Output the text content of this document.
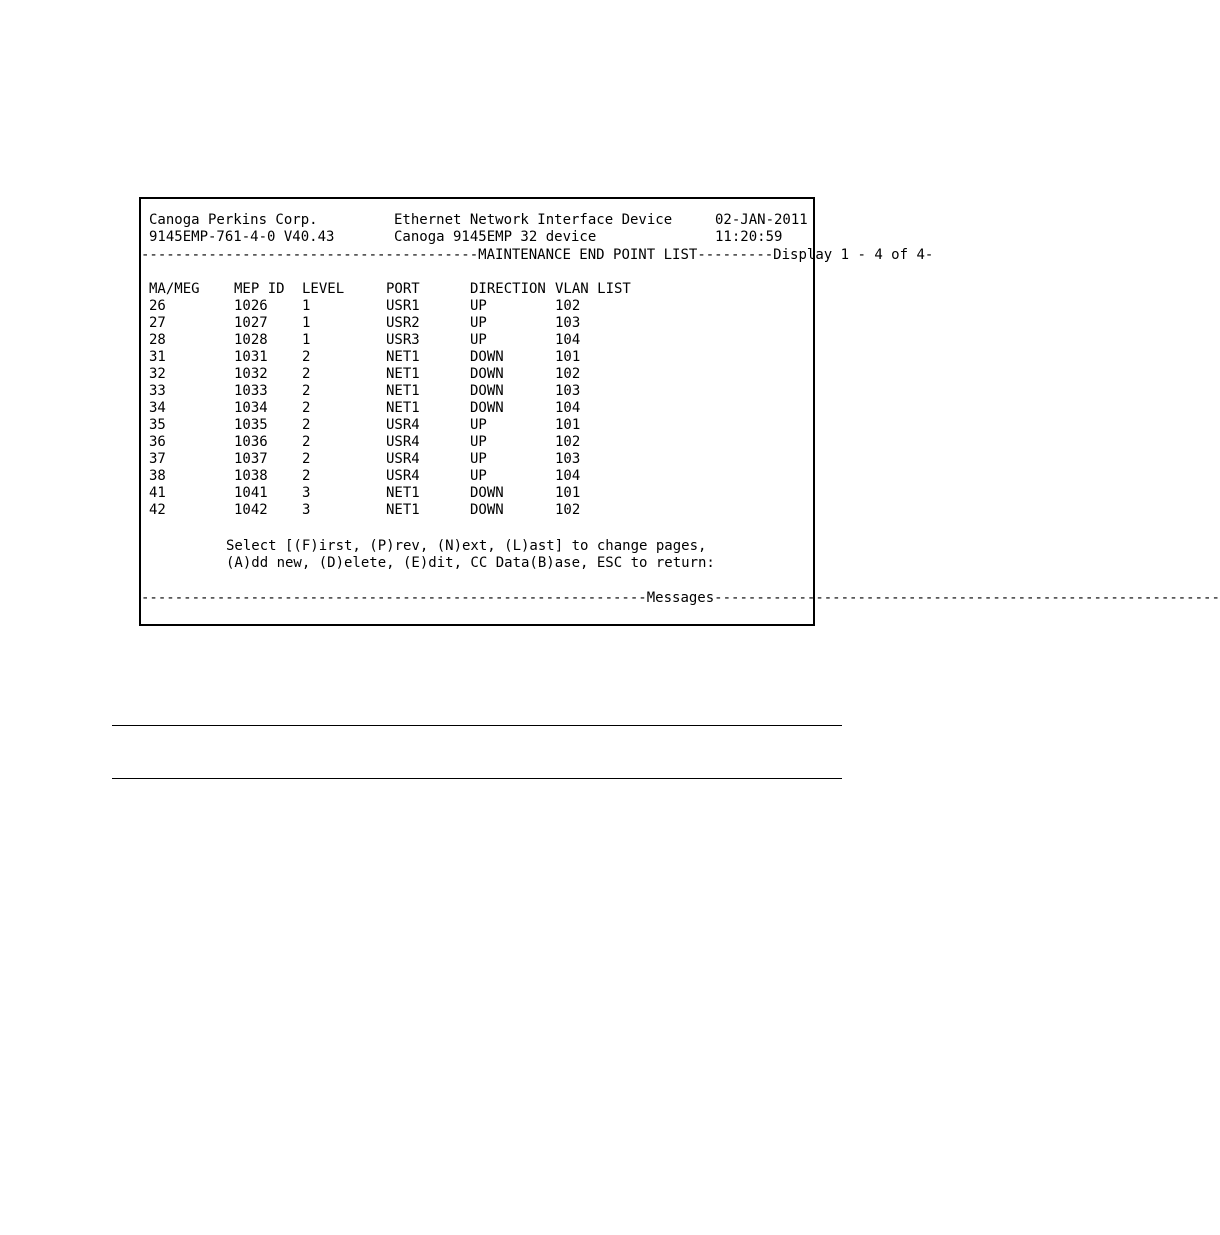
Canoga Perkins Corp.	Ethernet Network Interface Device	02-JAN-2011
9145EMP-761-4-0 V40.43	Canoga 9145EMP 32 device	11:20:59
---------------------------------------- MAINTENANCE END POINT LIST --------- Display 1 - 4 of 4 -
MA/MEG MEP ID LEVEL	PORT	DIRECTION VLAN LIST
26	1026 1	USR1	UP	102
27	1027 1	USR2	UP	103
28	1028 1	USR3	UP	104
31	1031 2	NET1	DOWN	101
32	1032 2	NET1	DOWN	102
33	1033 2	NET1	DOWN	103
34	1034 2	NET1	DOWN	104
35	1035 2	USR4	UP	101
36	1036 2	USR4	UP	102
37	1037 2	USR4	UP	103
38	1038 2	USR4	UP	104
41	1041 3	NET1	DOWN	101
42	1042 3	NET1	DOWN	102
Select [(F)irst, (P)rev, (N)ext, (L)ast] to change pages,
(A)dd new, (D)elete, (E)dit, CC Data(B)ase, ESC to return:
------------------------------------------------------------ Messages ------------------------------------------------------------
